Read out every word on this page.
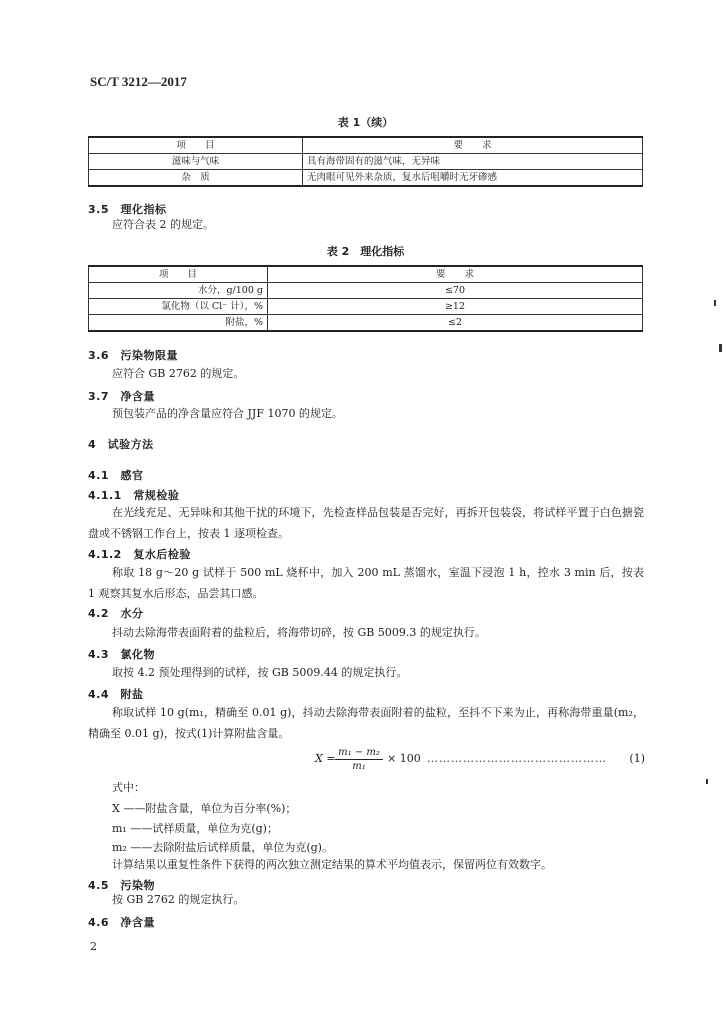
SC/T 3212—2017
表 1（续）
项　　目	要　　求
滋味与气味	具有海带固有的滋气味，无异味
杂　质	无肉眼可见外来杂质，复水后咀嚼时无牙碜感
3.5　理化指标
应符合表 2 的规定。
表 2　理化指标
项　　目	要　　求
水分，g/100 g	≤70
氯化物（以 Cl⁻ 计），%	≥12
附盐，%	≤2
3.6　污染物限量
应符合 GB 2762 的规定。
3.7　净含量
预包装产品的净含量应符合 JJF 1070 的规定。
4　试验方法
4.1　感官
4.1.1　常规检验
在光线充足、无异味和其他干扰的环境下，先检查样品包装是否完好，再拆开包装袋，将试样平置于白色搪瓷盘或不锈钢工作台上，按表 1 逐项检查。
4.1.2　复水后检验
称取 18 g～20 g 试样于 500 mL 烧杯中，加入 200 mL 蒸馏水，室温下浸泡 1 h，控水 3 min 后，按表 1 观察其复水后形态，品尝其口感。
4.2　水分
抖动去除海带表面附着的盐粒后，将海带切碎，按 GB 5009.3 的规定执行。
4.3　氯化物
取按 4.2 预处理得到的试样，按 GB 5009.44 的规定执行。
4.4　附盐
称取试样 10 g(m₁，精确至 0.01 g)，抖动去除海带表面附着的盐粒，至抖不下来为止，再称海带重量(m₂，精确至 0.01 g)，按式(1)计算附盐含量。
$X = \frac{\text{m₁ − m₂}}{\text{m₁}} \times 100$ ……………………………………… (1)
式中：
X ——附盐含量，单位为百分率(%)；
m₁ ——试样质量，单位为克(g)；
m₂ ——去除附盐后试样质量，单位为克(g)。
计算结果以重复性条件下获得的两次独立测定结果的算术平均值表示，保留两位有效数字。
4.5　污染物
按 GB 2762 的规定执行。
4.6　净含量
2
